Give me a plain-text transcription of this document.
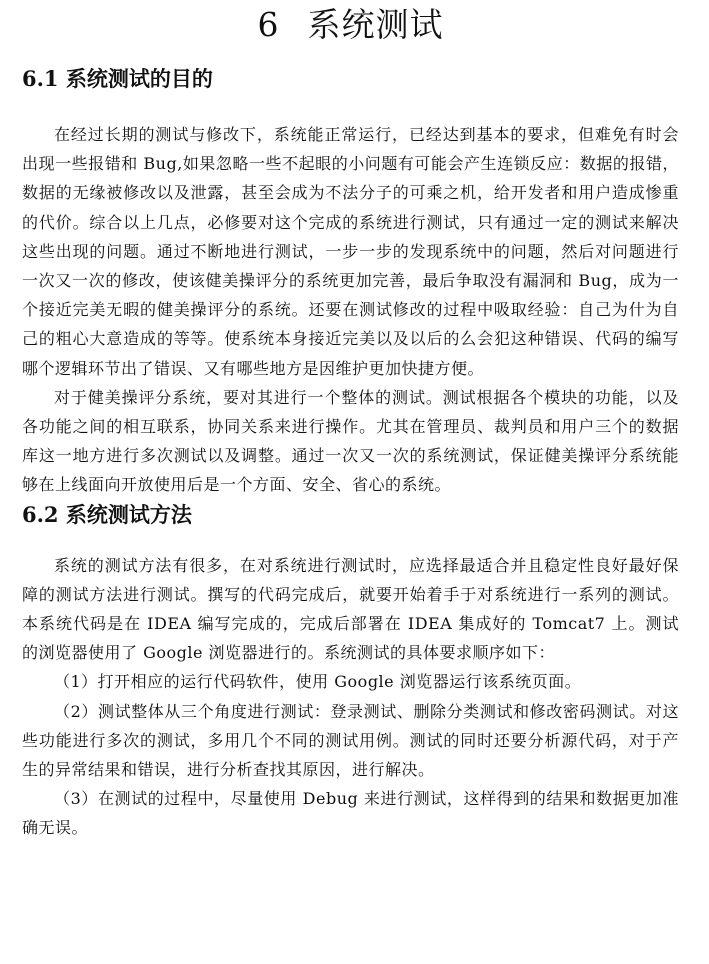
6 系统测试
6.1 系统测试的目的

在经过长期的测试与修改下，系统能正常运行，已经达到基本的要求，但难免有时会出现一些报错和 Bug,如果忽略一些不起眼的小问题有可能会产生连锁反应：数据的报错，数据的无缘被修改以及泄露，甚至会成为不法分子的可乘之机，给开发者和用户造成惨重的代价。综合以上几点，必修要对这个完成的系统进行测试，只有通过一定的测试来解决这些出现的问题。通过不断地进行测试，一步一步的发现系统中的问题，然后对问题进行一次又一次的修改，使该健美操评分的系统更加完善，最后争取没有漏洞和 Bug，成为一个接近完美无暇的健美操评分的系统。还要在测试修改的过程中吸取经验：自己为什为自己的粗心大意造成的等等。使系统本身接近完美以及以后的么会犯这种错误、代码的编写哪个逻辑环节出了错误、又有哪些地方是因维护更加快捷方便。

对于健美操评分系统，要对其进行一个整体的测试。测试根据各个模块的功能，以及各功能之间的相互联系，协同关系来进行操作。尤其在管理员、裁判员和用户三个的数据库这一地方进行多次测试以及调整。通过一次又一次的系统测试，保证健美操评分系统能够在上线面向开放使用后是一个方面、安全、省心的系统。

6.2 系统测试方法

系统的测试方法有很多，在对系统进行测试时，应选择最适合并且稳定性良好最好保障的测试方法进行测试。撰写的代码完成后，就要开始着手于对系统进行一系列的测试。本系统代码是在 IDEA 编写完成的，完成后部署在 IDEA 集成好的 Tomcat7 上。测试的浏览器使用了 Google 浏览器进行的。系统测试的具体要求顺序如下：

（1）打开相应的运行代码软件，使用 Google 浏览器运行该系统页面。

（2）测试整体从三个角度进行测试：登录测试、删除分类测试和修改密码测试。对这些功能进行多次的测试，多用几个不同的测试用例。测试的同时还要分析源代码，对于产生的异常结果和错误，进行分析查找其原因，进行解决。

（3）在测试的过程中，尽量使用 Debug 来进行测试，这样得到的结果和数据更加准确无误。
